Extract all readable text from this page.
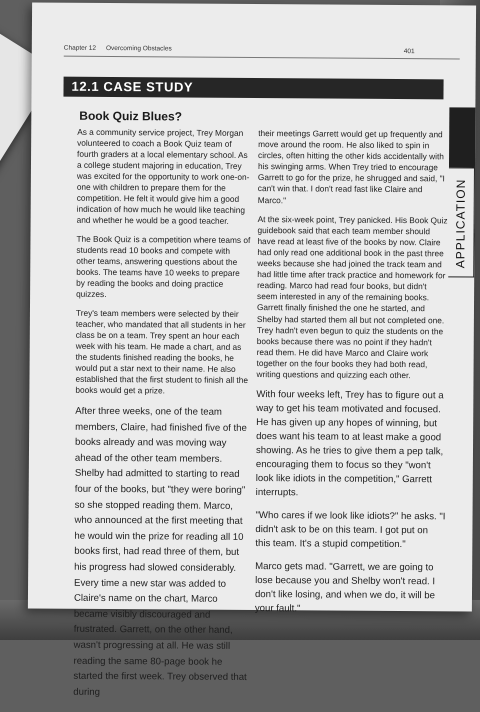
Chapter 12 Overcoming Obstacles	401
12.1 CASE STUDY
APPLICATION
Book Quiz Blues?

As a community service project, Trey Morgan volunteered to coach a Book Quiz team of fourth graders at a local elementary school. As a college student majoring in education, Trey was excited for the opportunity to work one-on-one with children to prepare them for the competition. He felt it would give him a good indication of how much he would like teaching and whether he would be a good teacher.

The Book Quiz is a competition where teams of students read 10 books and compete with other teams, answering questions about the books. The teams have 10 weeks to prepare by reading the books and doing practice quizzes.

Trey's team members were selected by their teacher, who mandated that all students in her class be on a team. Trey spent an hour each week with his team. He made a chart, and as the students finished reading the books, he would put a star next to their name. He also established that the first student to finish all the books would get a prize.

After three weeks, one of the team members, Claire, had finished five of the books already and was moving way ahead of the other team members. Shelby had admitted to starting to read four of the books, but "they were boring" so she stopped reading them. Marco, who announced at the first meeting that he would win the prize for reading all 10 books first, had read three of them, but his progress had slowed considerably. Every time a new star was added to Claire's name on the chart, Marco became visibly discouraged and frustrated. Garrett, on the other hand, wasn't progressing at all. He was still reading the same 80-page book he started the first week. Trey observed that during

their meetings Garrett would get up frequently and move around the room. He also liked to spin in circles, often hitting the other kids accidentally with his swinging arms. When Trey tried to encourage Garrett to go for the prize, he shrugged and said, "I can't win that. I don't read fast like Claire and Marco."

At the six-week point, Trey panicked. His Book Quiz guidebook said that each team member should have read at least five of the books by now. Claire had only read one additional book in the past three weeks because she had joined the track team and had little time after track practice and homework for reading. Marco had read four books, but didn't seem interested in any of the remaining books. Garrett finally finished the one he started, and Shelby had started them all but not completed one. Trey hadn't even begun to quiz the students on the books because there was no point if they hadn't read them. He did have Marco and Claire work together on the four books they had both read, writing questions and quizzing each other.

With four weeks left, Trey has to figure out a way to get his team motivated and focused. He has given up any hopes of winning, but does want his team to at least make a good showing. As he tries to give them a pep talk, encouraging them to focus so they "won't look like idiots in the competition," Garrett interrupts.

"Who cares if we look like idiots?" he asks. "I didn't ask to be on this team. I got put on this team. It's a stupid competition."

Marco gets mad. "Garrett, we are going to lose because you and Shelby won't read. I don't like losing, and when we do, it will be your fault."
